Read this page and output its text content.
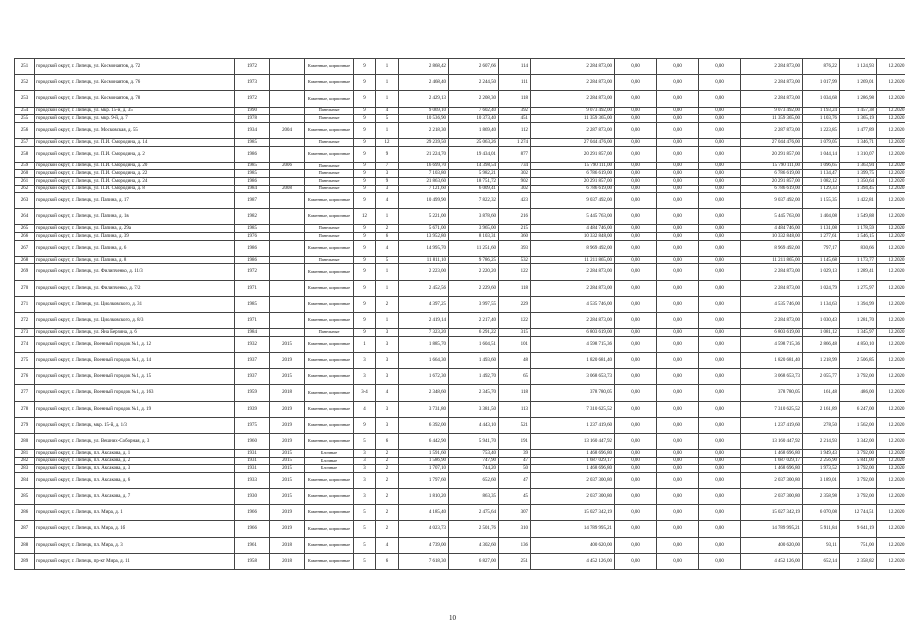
251	городской округ, г. Липецк, ул. Космонавтов, д. 72	1972		Каменные, кирпичные	9	1	2 868,42	2 607,66	114	2 284 873,00	0,00	0,00	0,00	2 284 873,00	876,22	1 124,93	12.2020
252	городской округ, г. Липецк, ул. Космонавтов, д. 76	1973		Каменные, кирпичные	9	1	2 468,40	2 244,50	111	2 284 873,00	0,00	0,00	0,00	2 284 873,00	1 017,99	1 269,01	12.2020
253	городской округ, г. Липецк, ул. Космонавтов, д. 78	1972		Каменные, кирпичные	9	1	2 429,13	2 208,30	118	2 284 873,00	0,00	0,00	0,00	2 284 873,00	1 034,68	1 286,98	12.2020
254	городской округ, г. Липецк, ул. мкр. 15-й, д. 35	1990		Панельные	9	4	9 069,10	7 602,40	392	9 073 492,00	0,00	0,00	0,00	9 073 492,00	1 193,24	1 457,38	12.2020
255	городской округ, г. Липецк, ул. мкр. 9-й, д. 7	1978		Панельные	9	5	10 536,90	10 373,40	451	11 359 365,00	0,00	0,00	0,00	11 359 365,00	1 103,76	1 365,19	12.2020
256	городской округ, г. Липецк, ул. Московская, д. 55	1934	2004	Каменные, кирпичные	9	1	2 218,30	1 869,40	112	2 287 873,00	0,00	0,00	0,00	2 287 873,00	1 223,85	1 477,89	12.2020
257	городской округ, г. Липецк, ул. П.И. Смородина, д. 14	1985		Панельные	9	12	29 239,50	25 063,26	1 274	27 044 476,00	0,00	0,00	0,00	27 044 476,00	1 079,05	1 346,71	12.2020
258	городской округ, г. Липецк, ул. П.И. Смородина, д. 2	1986		Каменные, кирпичные	9	9	21 224,70	19 434,01	877	20 291 857,00	0,00	0,00	0,00	20 291 857,00	1 044,14	1 310,07	12.2020
259	городской округ, г. Липецк, ул. П.И. Смородина, д. 20	1985	2006	Панельные	9	7	16 699,70	14 398,54	734	15 790 111,00	0,00	0,00	0,00	15 790 111,00	1 096,65	1 363,94	12.2020
260	городской округ, г. Липецк, ул. П.И. Смородина, д. 22	1985		Панельные	9	3	7 103,80	5 982,21	302	6 786 619,00	0,00	0,00	0,00	6 786 619,00	1 134,47	1 399,75	12.2020
261	городской округ, г. Липецк, ул. П.И. Смородина, д. 24	1986		Панельные	9	9	21 863,60	18 751,72	902	20 291 857,00	0,00	0,00	0,00	20 291 857,00	1 082,12	1 350,64	12.2020
262	городской округ, г. Липецк, ул. П.И. Смородина, д. 8	1984	2008	Панельные	9	3	7 121,60	6 009,41	302	6 786 619,00	0,00	0,00	0,00	6 786 619,00	1 129,33	1 394,45	12.2020
263	городской округ, г. Липецк, ул. Папина, д. 17	1987		Каменные, кирпичные	9	4	10 499,90	7 822,32	423	9 037 492,00	0,00	0,00	0,00	9 037 492,00	1 155,35	1 422,81	12.2020
264	городской округ, г. Липецк, ул. Папина, д. 1в	1982		Каменные, кирпичные	12	1	5 221,00	3 878,60	216	5 445 763,00	0,00	0,00	0,00	5 445 763,00	1 404,08	1 549,88	12.2020
265	городской округ, г. Липецк, ул. Папина, д. 29а	1985		Панельные	9	2	5 671,00	3 965,00	215	4 484 746,00	0,00	0,00	0,00	4 484 746,00	1 131,08	1 178,59	12.2020
266	городской округ, г. Липецк, ул. Папина, д. 39	1976		Панельные	9	6	13 952,80	8 103,31	360	10 332 848,00	0,00	0,00	0,00	10 332 848,00	1 277,61	1 546,15	12.2020
267	городской округ, г. Липецк, ул. Папина, д. 6	1986		Каменные, кирпичные	9	4	14 995,70	11 251,60	393	8 969 492,00	0,00	0,00	0,00	8 969 492,00	797,17	830,66	12.2020
268	городской округ, г. Липецк, ул. Папина, д. 8	1986		Панельные	9	5	11 811,10	9 786,25	532	11 211 865,00	0,00	0,00	0,00	11 211 865,00	1 145,68	1 173,77	12.2020
269	городской округ, г. Липецк, ул. Филипченко, д. 11/3	1972		Каменные, кирпичные	9	1	2 223,00	2 220,20	122	2 284 873,00	0,00	0,00	0,00	2 284 873,00	1 029,13	1 289,41	12.2020
270	городской округ, г. Липецк, ул. Филипченко, д. 7/2	1971		Каменные, кирпичные	9	1	2 452,56	2 229,60	118	2 284 873,00	0,00	0,00	0,00	2 284 873,00	1 024,79	1 275,97	12.2020
271	городской округ, г. Липецк, ул. Циолковского, д. 31	1985		Каменные, кирпичные	9	2	4 397,25	3 997,55	229	4 535 746,00	0,00	0,00	0,00	4 535 746,00	1 134,63	1 394,99	12.2020
272	городской округ, г. Липецк, ул. Циолковского, д. 8/3	1971		Каменные, кирпичные	9	1	2 419,14	2 217,40	122	2 284 873,00	0,00	0,00	0,00	2 284 873,00	1 030,43	1 281,70	12.2020
273	городской округ, г. Липецк, ул. Яна Берзина, д. 6	1984		Панельные	9	3	7 323,20	6 291,22	315	6 803 619,00	0,00	0,00	0,00	6 803 619,00	1 081,12	1 345,97	12.2020
274	городской округ, г. Липецк, Военный городок №1, д. 12	1932	2015	Каменные, кирпичные	1	3	1 885,70	1 604,51	101	4 598 715,36	0,00	0,00	0,00	4 598 715,36	2 866,48	4 850,10	12.2020
275	городской округ, г. Липецк, Военный городок №1, д. 14	1937	2019	Каменные, кирпичные	3	3	1 664,30	1 493,60	48	1 820 681,40	0,00	0,00	0,00	1 820 681,40	1 218,99	2 506,85	12.2020
276	городской округ, г. Липецк, Военный городок №1, д. 15	1937	2015	Каменные, кирпичные	3	3	1 672,30	1 492,70	65	3 068 653,73	0,00	0,00	0,00	3 068 653,73	2 055,77	3 792,00	12.2020
277	городской округ, г. Липецк, Военный городок №1, д. 163	1959	2018	Каменные, кирпичные	3-4	4	2 348,60	2 345,70	118	378 780,05	0,00	0,00	0,00	378 780,05	161,48	486,00	12.2020
278	городской округ, г. Липецк, Военный городок №1, д. 19	1939	2019	Каменные, кирпичные	4	3	3 731,80	3 381,50	113	7 310 625,52	0,00	0,00	0,00	7 310 625,52	2 161,89	6 247,00	12.2020
279	городской округ, г. Липецк, мкр. 15-й, д. 1/3	1975	2019	Каменные, кирпичные	9	3	6 392,00	4 443,10	521	1 237 419,60	0,00	0,00	0,00	1 237 419,60	278,50	1 562,00	12.2020
280	городской округ, г. Липецк, ул. Вешних-Соборная, д. 3	1960	2019	Каменные, кирпичные	5	6	6 442,90	5 941,70	191	13 160 447,92	0,00	0,00	0,00	13 160 447,92	2 214,93	3 342,00	12.2020
281	городской округ, г. Липецк, пл. Аксакова, д. 1	1931	2015	Блочные	3	2	1 591,60	753,40	39	1 468 696,80	0,00	0,00	0,00	1 468 696,80	1 949,43	3 792,00	12.2020
282	городской округ, г. Липецк, пл. Аксакова, д. 2	1931	2015	Блочные	3	2	1 586,90	747,90	47	1 687 029,17	0,00	0,00	0,00	1 687 029,17	2 256,90	5 841,00	12.2020
283	городской округ, г. Липецк, пл. Аксакова, д. 3	1931	2015	Блочные	3	2	1 707,10	744,20	50	1 468 696,80	0,00	0,00	0,00	1 468 696,80	1 973,52	3 792,00	12.2020
284	городской округ, г. Липецк, пл. Аксакова, д. 6	1933	2015	Каменные, кирпичные	3	2	1 797,60	652,60	47	2 037 300,80	0,00	0,00	0,00	2 037 300,80	3 189,01	3 792,00	12.2020
285	городской округ, г. Липецк, пл. Аксакова, д. 7	1930	2015	Каменные, кирпичные	3	2	1 810,20	863,35	45	2 037 300,80	0,00	0,00	0,00	2 037 300,80	2 358,98	3 792,00	12.2020
286	городской округ, г. Липецк, пл. Мира, д. 1	1966	2019	Каменные, кирпичные	5	2	4 185,40	2 475,64	307	15 027 342,19	0,00	0,00	0,00	15 027 342,19	6 070,08	12 744,51	12.2020
287	городской округ, г. Липецк, пл. Мира, д. 1б	1966	2019	Каменные, кирпичные	5	2	4 023,73	2 501,76	310	14 789 995,21	0,00	0,00	0,00	14 789 995,21	5 911,84	9 641,19	12.2020
288	городской округ, г. Липецк, пл. Мира, д. 3	1961	2018	Каменные, кирпичные	5	4	4 739,00	4 302,60	136	400 620,00	0,00	0,00	0,00	400 620,00	93,11	751,00	12.2020
289	городской округ, г. Липецк, пр-кт Мира, д. 11	1958	2018	Каменные, кирпичные	5	6	7 618,30	6 827,00	251	4 452 126,00	0,00	0,00	0,00	4 452 126,00	652,14	2 358,82	12.2020
10
